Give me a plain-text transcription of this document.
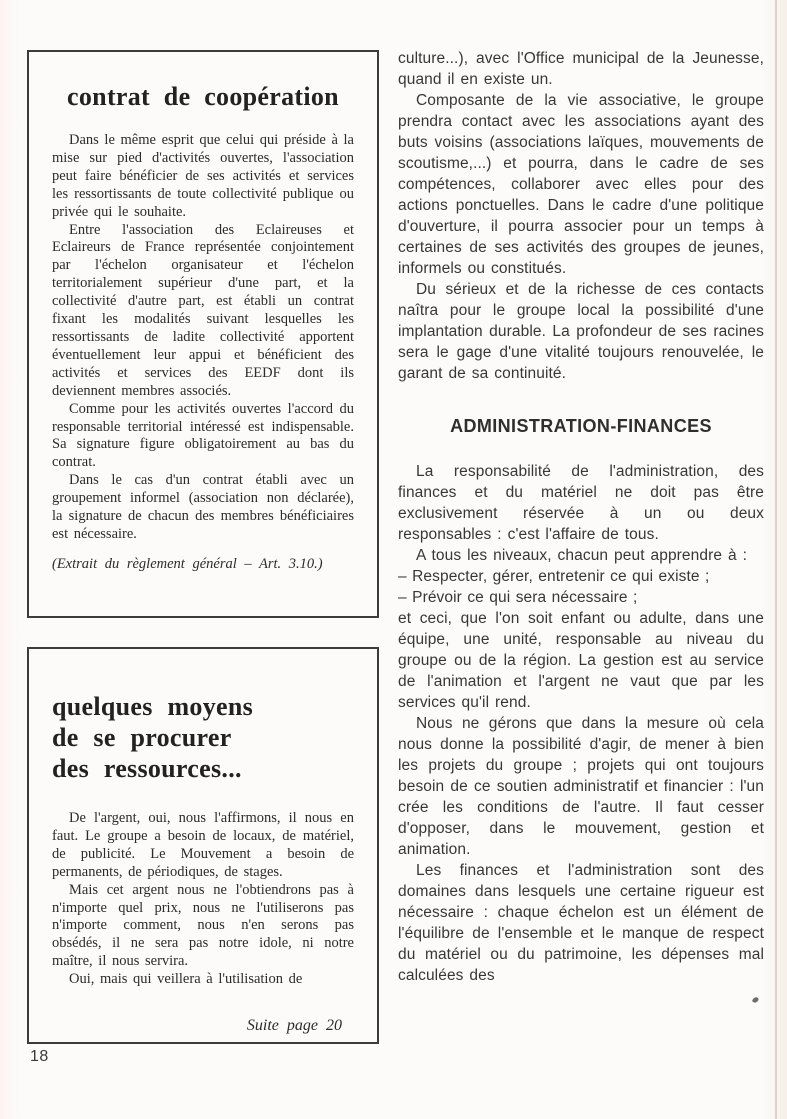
contrat de coopération

Dans le même esprit que celui qui préside à la mise sur pied d'activités ouvertes, l'association peut faire bénéficier de ses activités et services les ressortissants de toute collectivité publique ou privée qui le souhaite.

Entre l'association des Eclaireuses et Eclaireurs de France représentée conjointement par l'échelon organisateur et l'échelon territorialement supérieur d'une part, et la collectivité d'autre part, est établi un contrat fixant les modalités suivant lesquelles les ressortissants de ladite collectivité apportent éventuellement leur appui et bénéficient des activités et services des EEDF dont ils deviennent membres associés.

Comme pour les activités ouvertes l'accord du responsable territorial intéressé est indispensable. Sa signature figure obligatoirement au bas du contrat.

Dans le cas d'un contrat établi avec un groupement informel (association non déclarée), la signature de chacun des membres bénéficiaires est nécessaire.

(Extrait du règlement général – Art. 3.10.)

quelques moyens
de se procurer
des ressources...

De l'argent, oui, nous l'affirmons, il nous en faut. Le groupe a besoin de locaux, de matériel, de publicité. Le Mouvement a besoin de permanents, de périodiques, de stages.

Mais cet argent nous ne l'obtiendrons pas à n'importe quel prix, nous ne l'utiliserons pas n'importe comment, nous n'en serons pas obsédés, il ne sera pas notre idole, ni notre maître, il nous servira.

Oui, mais qui veillera à l'utilisation de

Suite page 20

18

culture...), avec l'Office municipal de la Jeunesse, quand il en existe un.

Composante de la vie associative, le groupe prendra contact avec les associations ayant des buts voisins (associations laïques, mouvements de scoutisme,...) et pourra, dans le cadre de ses compétences, collaborer avec elles pour des actions ponctuelles. Dans le cadre d'une politique d'ouverture, il pourra associer pour un temps à certaines de ses activités des groupes de jeunes, informels ou constitués.

Du sérieux et de la richesse de ces contacts naîtra pour le groupe local la possibilité d'une implantation durable. La profondeur de ses racines sera le gage d'une vitalité toujours renouvelée, le garant de sa continuité.

ADMINISTRATION-FINANCES

La responsabilité de l'administration, des finances et du matériel ne doit pas être exclusivement réservée à un ou deux responsables : c'est l'affaire de tous.

A tous les niveaux, chacun peut apprendre à :

– Respecter, gérer, entretenir ce qui existe ;

– Prévoir ce qui sera nécessaire ;

et ceci, que l'on soit enfant ou adulte, dans une équipe, une unité, responsable au niveau du groupe ou de la région. La gestion est au service de l'animation et l'argent ne vaut que par les services qu'il rend.

Nous ne gérons que dans la mesure où cela nous donne la possibilité d'agir, de mener à bien les projets du groupe ; projets qui ont toujours besoin de ce soutien administratif et financier : l'un crée les conditions de l'autre. Il faut cesser d'opposer, dans le mouvement, gestion et animation.

Les finances et l'administration sont des domaines dans lesquels une certaine rigueur est nécessaire : chaque échelon est un élément de l'équilibre de l'ensemble et le manque de respect du matériel ou du patrimoine, les dépenses mal calculées des
